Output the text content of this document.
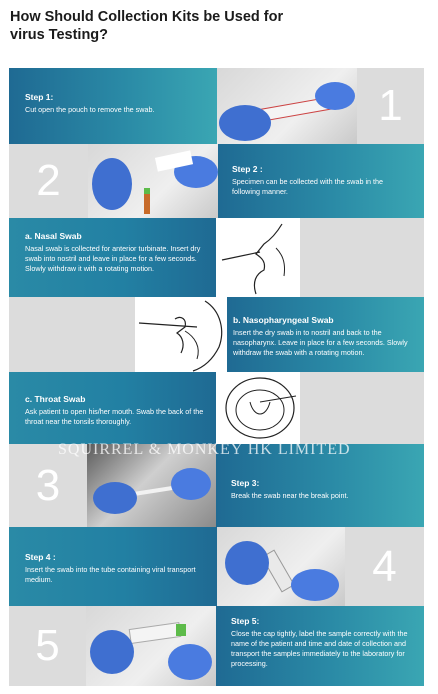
How Should Collection Kits be Used for virus Testing?
Step 1:
Cut open the pouch to remove the swab.	1
2	Step 2 :
Specimen can be collected with the swab in the following manner.
a. Nasal Swab
Nasal swab is collected for anterior turbinate. Insert dry swab into nostril and leave in place for a few seconds. Slowly withdraw it with a rotating motion.
b. Nasopharyngeal Swab
Insert the dry swab in to nostril and back to the nasopharynx. Leave in place for a few seconds. Slowly withdraw the swab with a rotating motion.
c. Throat Swab
Ask patient to open his/her mouth. Swab the back of the throat near the tonsils thoroughly.
3	Step 3:
Break the swab near the break point.
Step 4 :
Insert the swab into the tube containing viral transport medium.	4
5	Step 5:
Close the cap tightly, label the sample correctly with the name of the patient and time and date of collection and transport the samples immediately to the laboratory for processing.
SQUIRREL & MONKEY HK LIMITED
